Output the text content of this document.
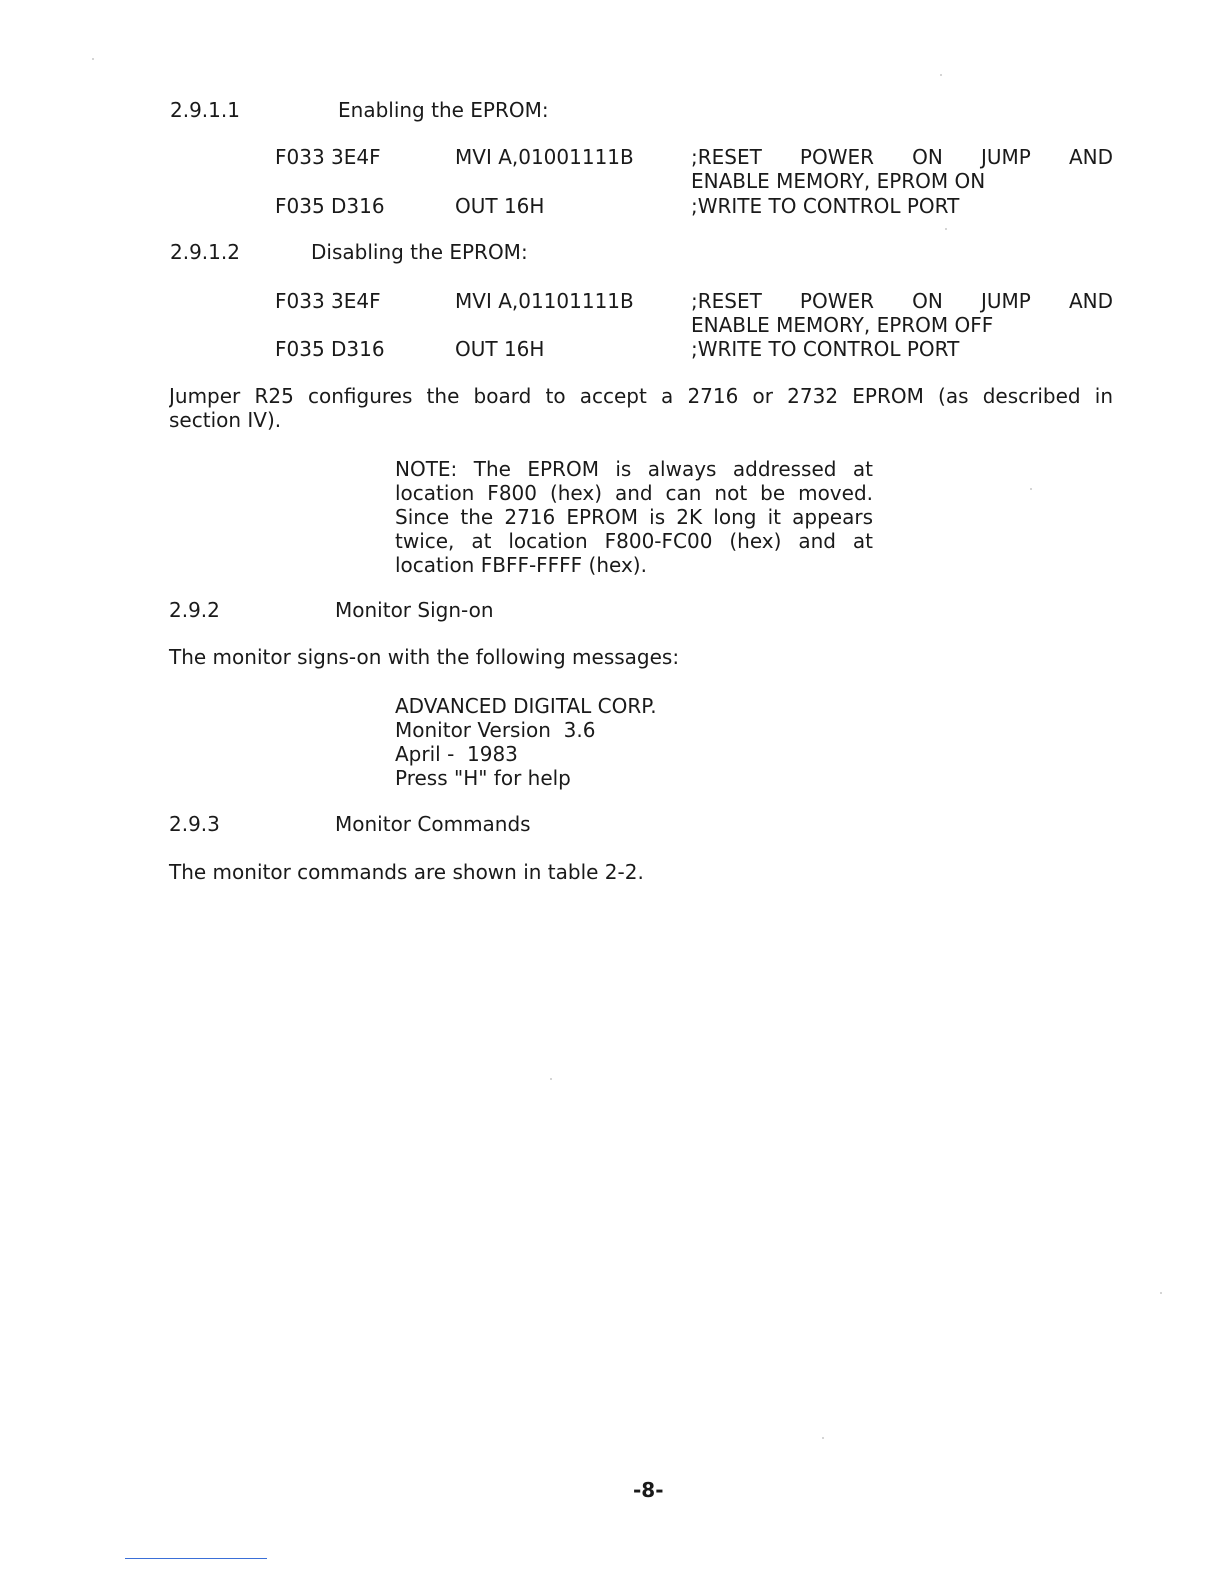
2.9.1.1	Enabling the EPROM:
F033 3E4F	MVI A,01001111B	;RESET POWER ON JUMP AND
ENABLE MEMORY, EPROM ON
F035 D316	OUT 16H	;WRITE TO CONTROL PORT
2.9.1.2	Disabling the EPROM:
F033 3E4F	MVI A,01101111B	;RESET POWER ON JUMP AND
ENABLE MEMORY, EPROM OFF
F035 D316	OUT 16H	;WRITE TO CONTROL PORT
Jumper R25 configures the board to accept a 2716 or 2732 EPROM (as described in
section IV).
NOTE: The EPROM is always addressed at location F800 (hex) and can not be moved. Since the 2716 EPROM is 2K long it appears twice, at location F800-FC00 (hex) and at location FBFF-FFFF (hex).
2.9.2	Monitor Sign-on
The monitor signs-on with the following messages:
ADVANCED DIGITAL CORP.
Monitor Version  3.6
April -  1983
Press "H" for help
2.9.3	Monitor Commands
The monitor commands are shown in table 2-2.
-8-
